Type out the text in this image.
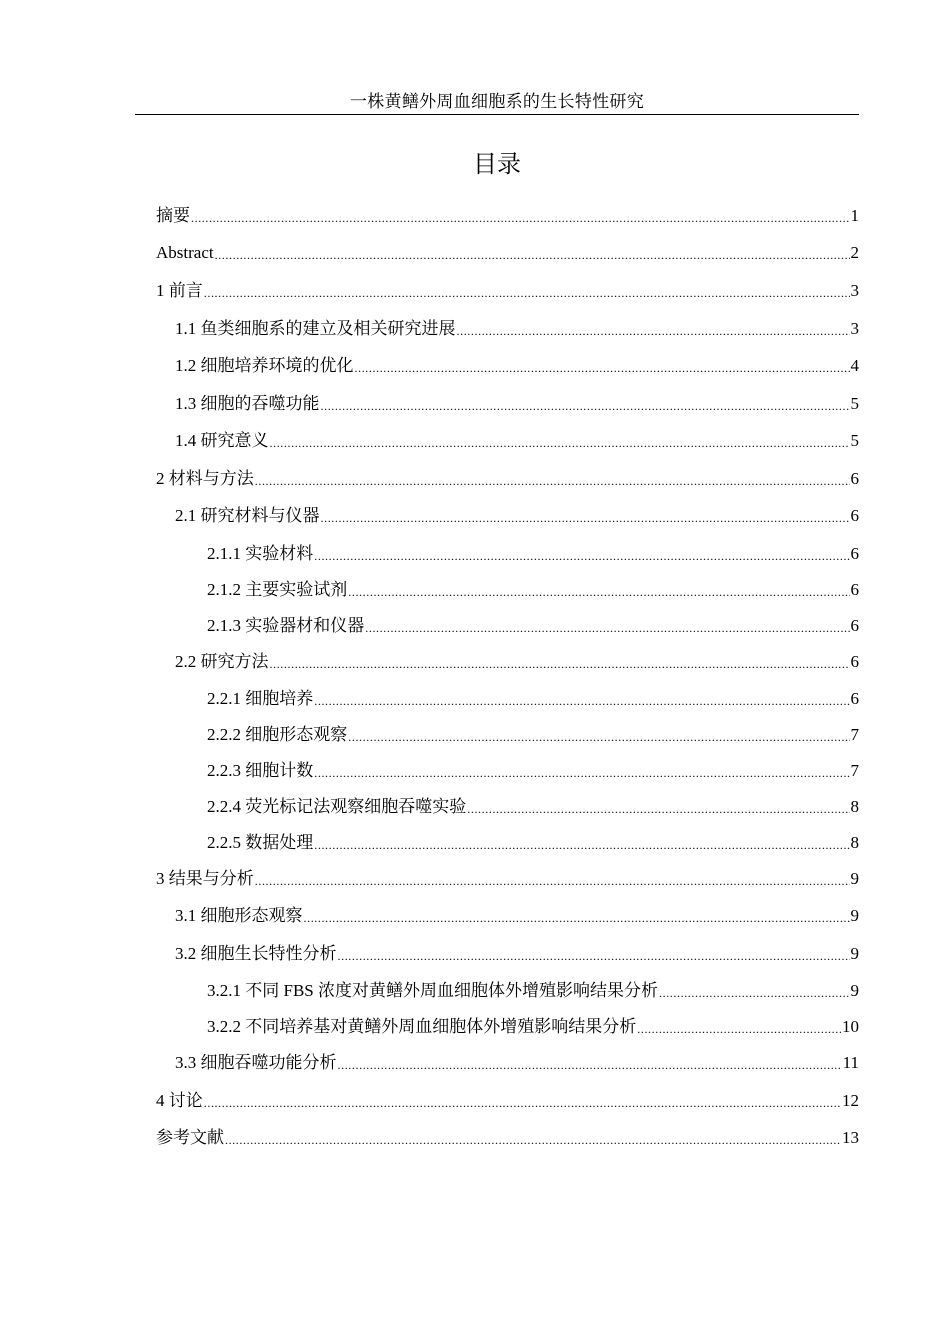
一株黄鳝外周血细胞系的生长特性研究
目录
摘要 .....	1
Abstract .....	2
1 前言 .....	3
1.1 鱼类细胞系的建立及相关研究进展 .....	3
1.2 细胞培养环境的优化 .....	4
1.3 细胞的吞噬功能 .....	5
1.4 研究意义 .....	5
2 材料与方法 .....	6
2.1 研究材料与仪器 .....	6
2.1.1 实验材料 .....	6
2.1.2 主要实验试剂 .....	6
2.1.3 实验器材和仪器 .....	6
2.2 研究方法 .....	6
2.2.1 细胞培养 .....	6
2.2.2 细胞形态观察 .....	7
2.2.3 细胞计数 .....	7
2.2.4 荧光标记法观察细胞吞噬实验 .....	8
2.2.5 数据处理 .....	8
3 结果与分析 .....	9
3.1 细胞形态观察 .....	9
3.2 细胞生长特性分析 .....	9
3.2.1 不同 FBS 浓度对黄鳝外周血细胞体外增殖影响结果分析 .....	9
3.2.2 不同培养基对黄鳝外周血细胞体外增殖影响结果分析 .....	10
3.3 细胞吞噬功能分析 .....	11
4 讨论 .....	12
参考文献 .....	13
